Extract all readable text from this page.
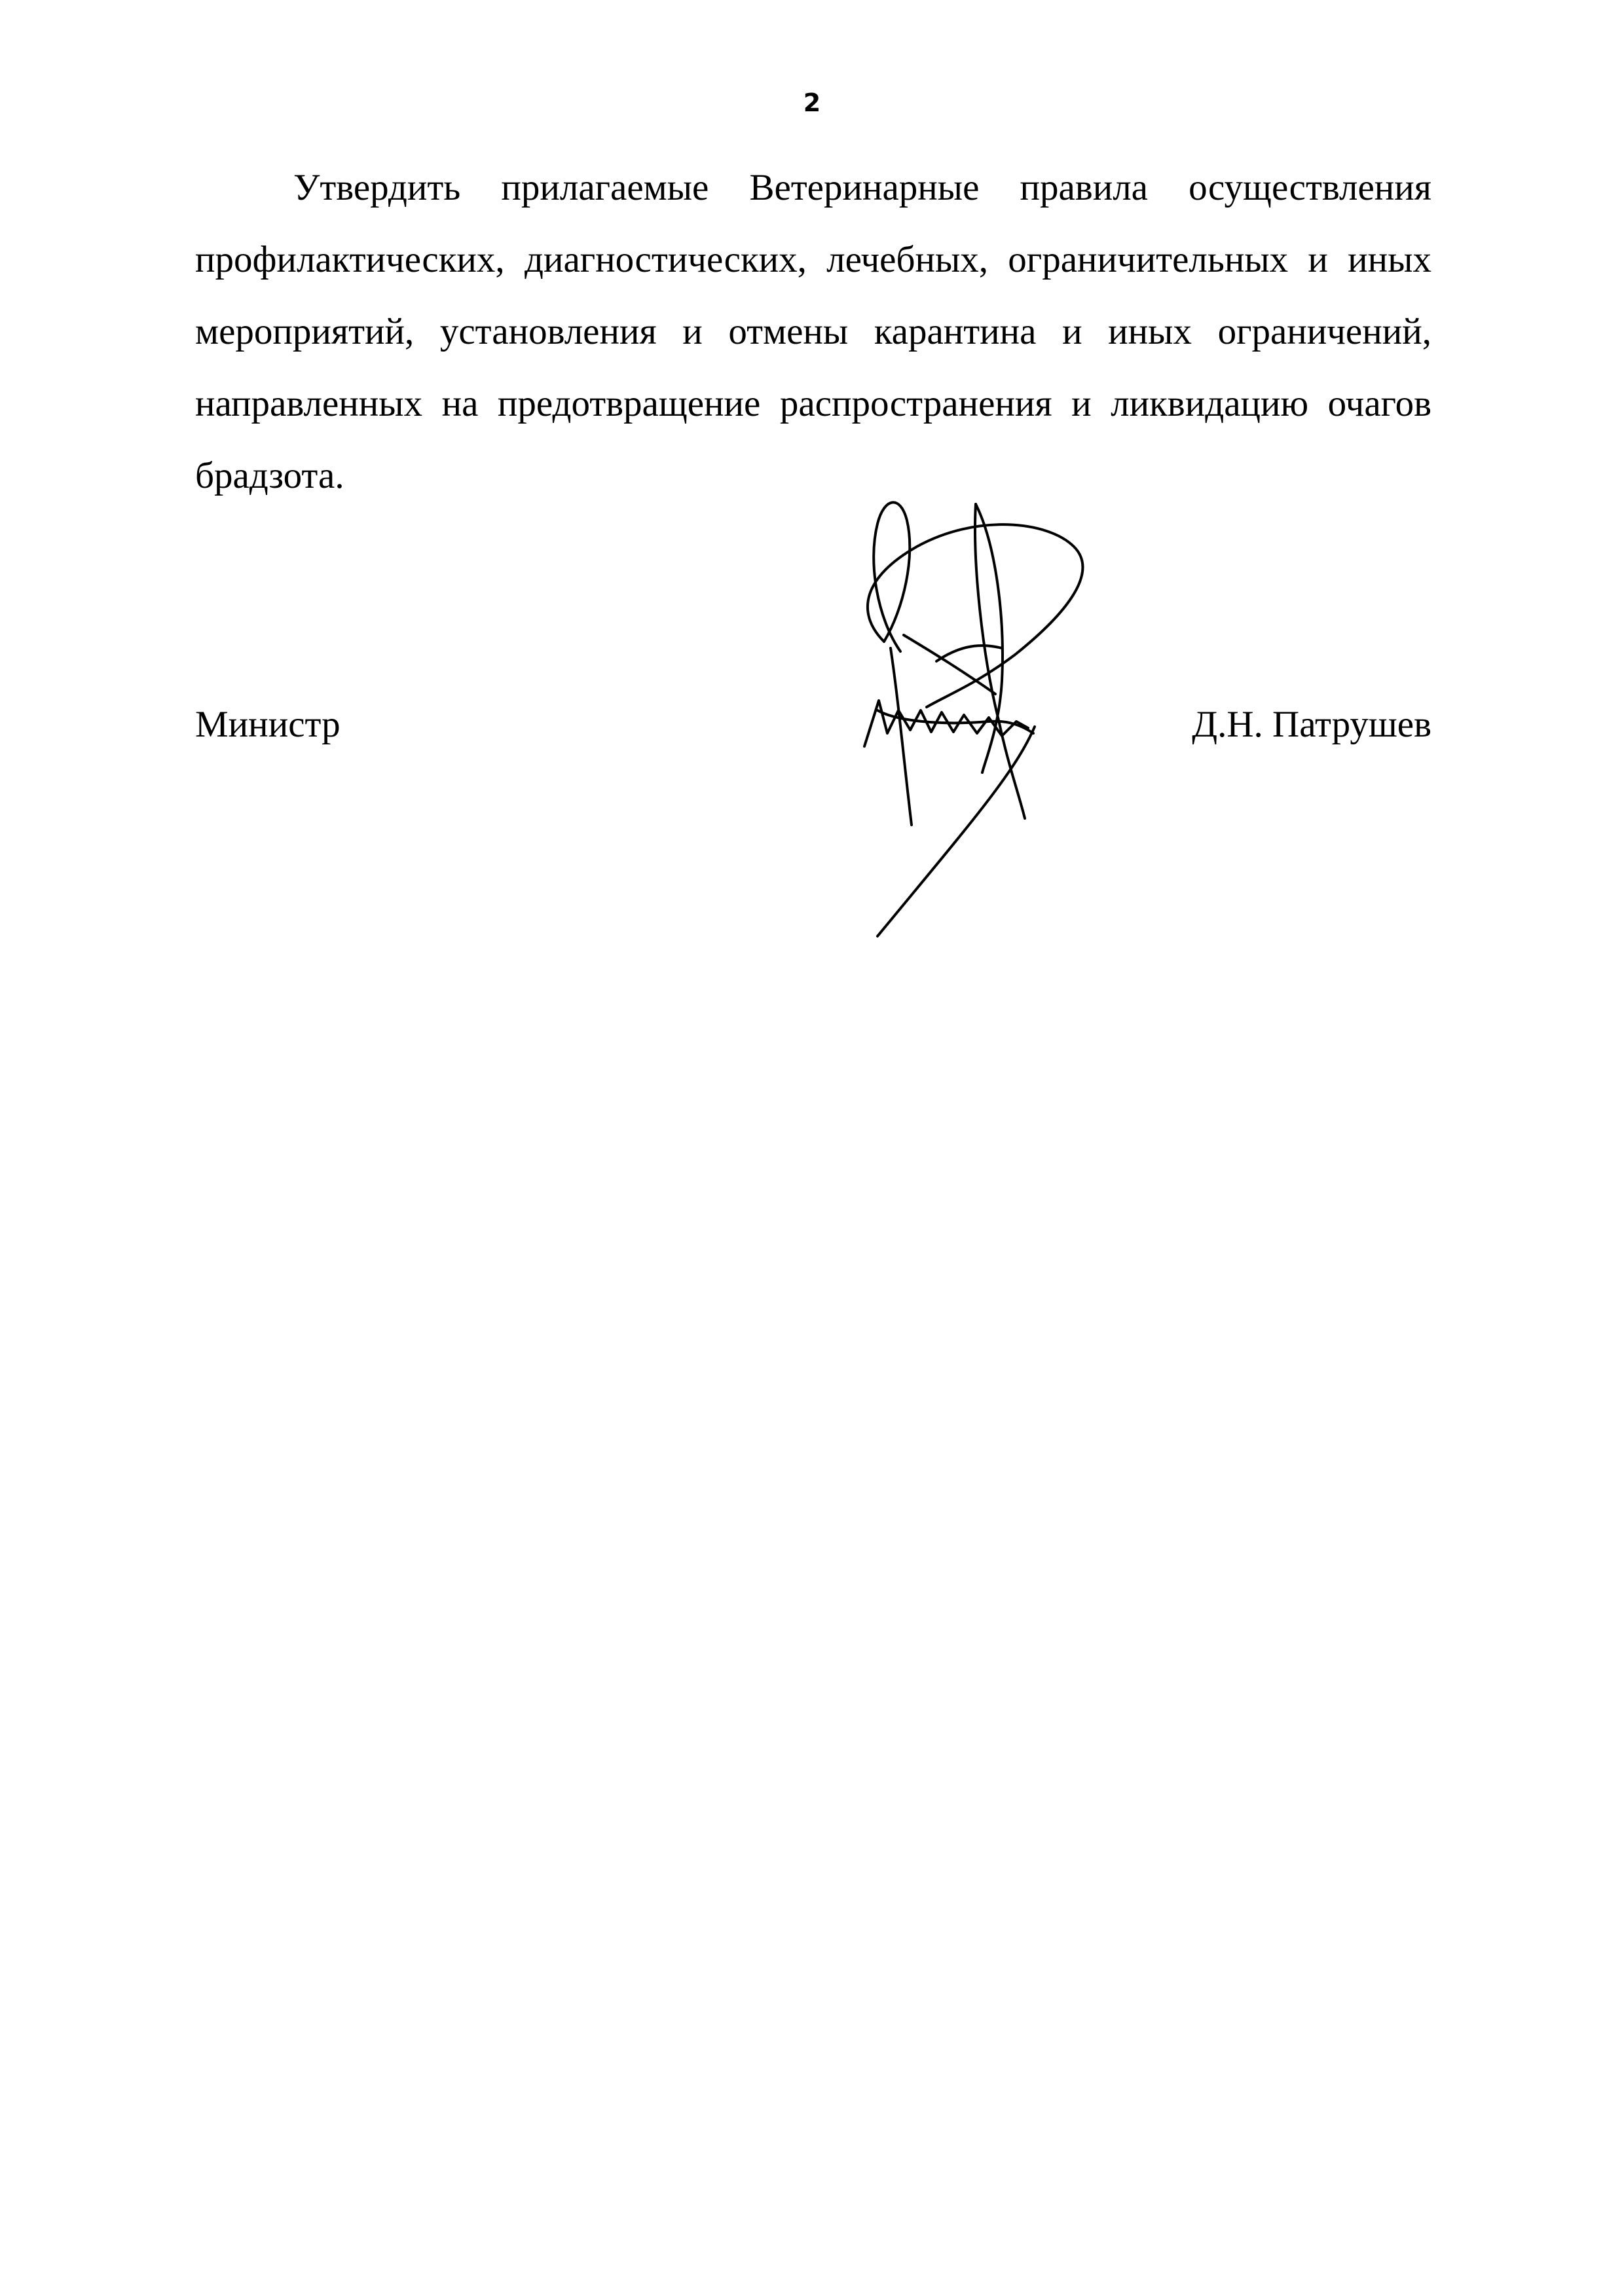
2

Утвердить прилагаемые Ветеринарные правила осуществления профилактических, диагностических, лечебных, ограничительных и иных мероприятий, установления и отмены карантина и иных ограничений, направленных на предотвращение распространения и ликвидацию очагов брадзота.

Министр	Д.Н. Патрушев
